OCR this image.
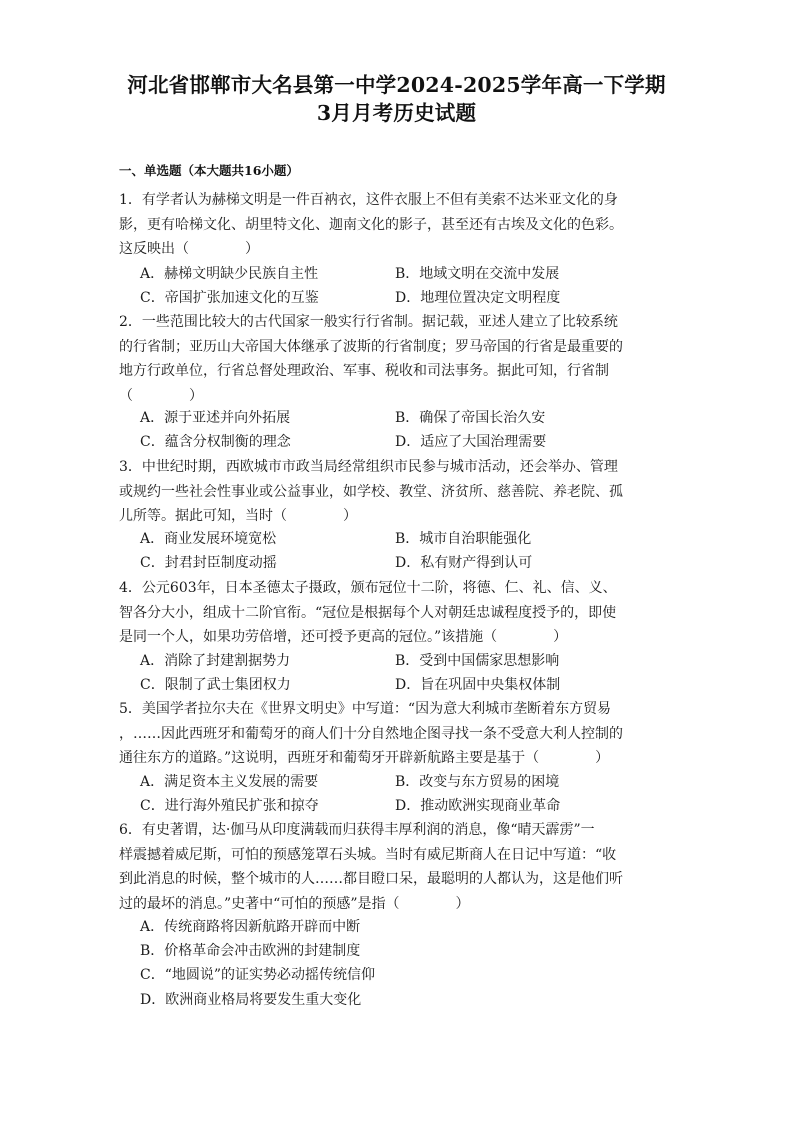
河北省邯郸市大名县第一中学2024-2025学年高一下学期
3月月考历史试题
一、单选题（本大题共16小题）

1．有学者认为赫梯文明是一件百衲衣，这件衣服上不但有美索不达米亚文化的身

影，更有哈梯文化、胡里特文化、迦南文化的影子，甚至还有古埃及文化的色彩。

这反映出（　　　　）

A．赫梯文明缺少民族自主性	B．地域文明在交流中发展
C．帝国扩张加速文化的互鉴	D．地理位置决定文明程度

2．一些范围比较大的古代国家一般实行行省制。据记载，亚述人建立了比较系统

的行省制；亚历山大帝国大体继承了波斯的行省制度；罗马帝国的行省是最重要的

地方行政单位，行省总督处理政治、军事、税收和司法事务。据此可知，行省制

（　　　　）

A．源于亚述并向外拓展	B．确保了帝国长治久安
C．蕴含分权制衡的理念	D．适应了大国治理需要

3．中世纪时期，西欧城市市政当局经常组织市民参与城市活动，还会举办、管理

或规约一些社会性事业或公益事业，如学校、教堂、济贫所、慈善院、养老院、孤

儿所等。据此可知，当时（　　　　）

A．商业发展环境宽松	B．城市自治职能强化
C．封君封臣制度动摇	D．私有财产得到认可

4．公元603年，日本圣德太子摄政，颁布冠位十二阶，将德、仁、礼、信、义、

智各分大小，组成十二阶官衔。“冠位是根据每个人对朝廷忠诚程度授予的，即使

是同一个人，如果功劳倍增，还可授予更高的冠位。”该措施（　　　　）

A．消除了封建割据势力	B．受到中国儒家思想影响
C．限制了武士集团权力	D．旨在巩固中央集权体制

5．美国学者拉尔夫在《世界文明史》中写道：“因为意大利城市垄断着东方贸易

，……因此西班牙和葡萄牙的商人们十分自然地企图寻找一条不受意大利人控制的

通往东方的道路。”这说明，西班牙和葡萄牙开辟新航路主要是基于（　　　　）

A．满足资本主义发展的需要	B．改变与东方贸易的困境
C．进行海外殖民扩张和掠夺	D．推动欧洲实现商业革命

6．有史著谓，达·伽马从印度满载而归获得丰厚利润的消息，像“晴天霹雳”一

样震撼着威尼斯，可怕的预感笼罩石头城。当时有威尼斯商人在日记中写道：“收

到此消息的时候，整个城市的人……都目瞪口呆，最聪明的人都认为，这是他们听

过的最坏的消息。”史著中“可怕的预感”是指（　　　　）

A．传统商路将因新航路开辟而中断
B．价格革命会冲击欧洲的封建制度
C．“地圆说”的证实势必动摇传统信仰
D．欧洲商业格局将要发生重大变化
